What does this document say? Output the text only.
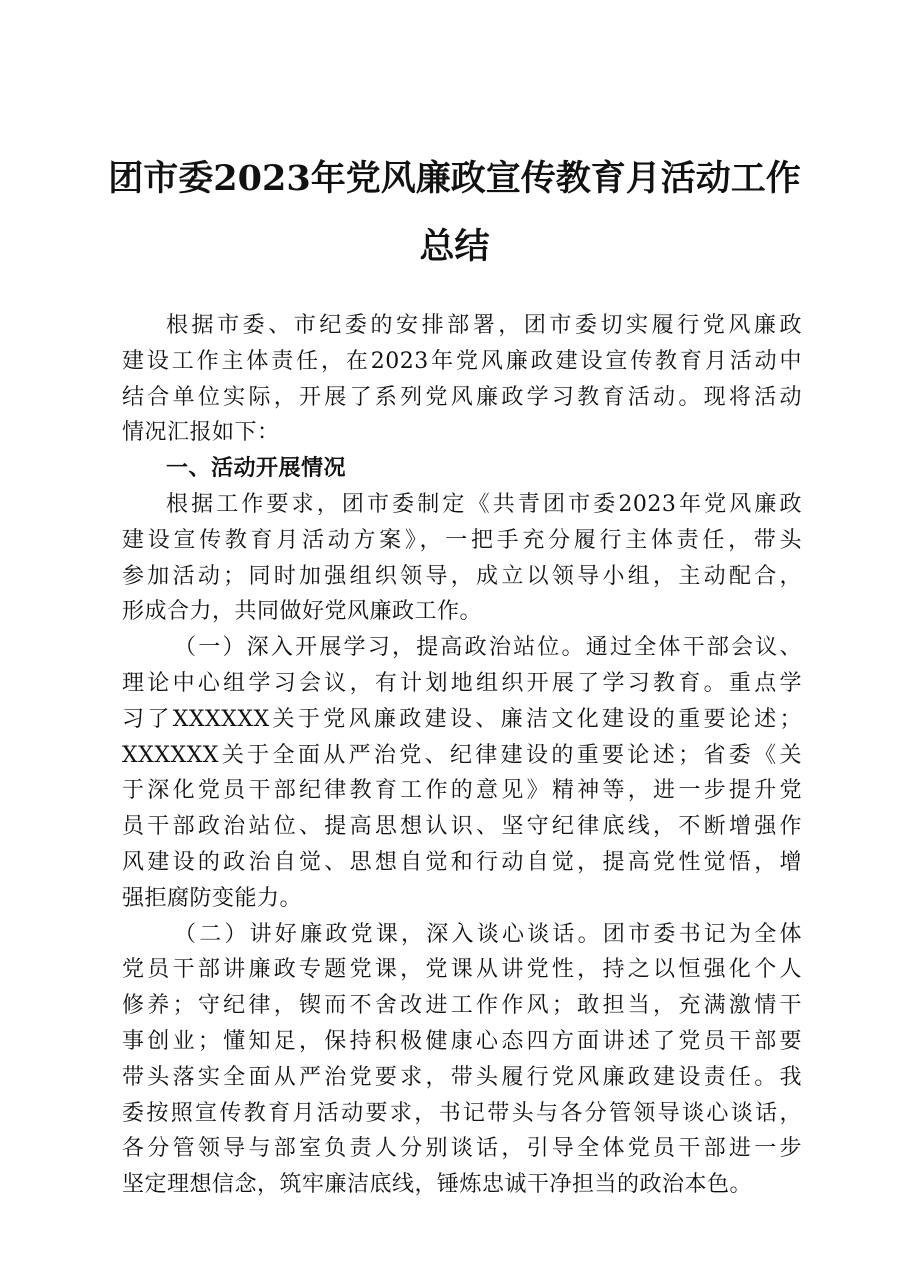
团市委2023年党风廉政宣传教育月活动工作
总结
根据市委、市纪委的安排部署，团市委切实履行党风廉政
建设工作主体责任，在2023年党风廉政建设宣传教育月活动中
结合单位实际，开展了系列党风廉政学习教育活动。现将活动
情况汇报如下：
一、活动开展情况
根据工作要求，团市委制定《共青团市委2023年党风廉政
建设宣传教育月活动方案》，一把手充分履行主体责任，带头
参加活动；同时加强组织领导，成立以领导小组，主动配合，
形成合力，共同做好党风廉政工作。
（一）深入开展学习，提高政治站位。通过全体干部会议、
理论中心组学习会议，有计划地组织开展了学习教育。重点学
习了XXXXXX关于党风廉政建设、廉洁文化建设的重要论述；
XXXXXX关于全面从严治党、纪律建设的重要论述；省委《关
于深化党员干部纪律教育工作的意见》精神等，进一步提升党
员干部政治站位、提高思想认识、坚守纪律底线，不断增强作
风建设的政治自觉、思想自觉和行动自觉，提高党性觉悟，增
强拒腐防变能力。
（二）讲好廉政党课，深入谈心谈话。团市委书记为全体
党员干部讲廉政专题党课，党课从讲党性，持之以恒强化个人
修养；守纪律，锲而不舍改进工作作风；敢担当，充满激情干
事创业；懂知足，保持积极健康心态四方面讲述了党员干部要
带头落实全面从严治党要求，带头履行党风廉政建设责任。我
委按照宣传教育月活动要求，书记带头与各分管领导谈心谈话，
各分管领导与部室负责人分别谈话，引导全体党员干部进一步
坚定理想信念，筑牢廉洁底线，锤炼忠诚干净担当的政治本色。
